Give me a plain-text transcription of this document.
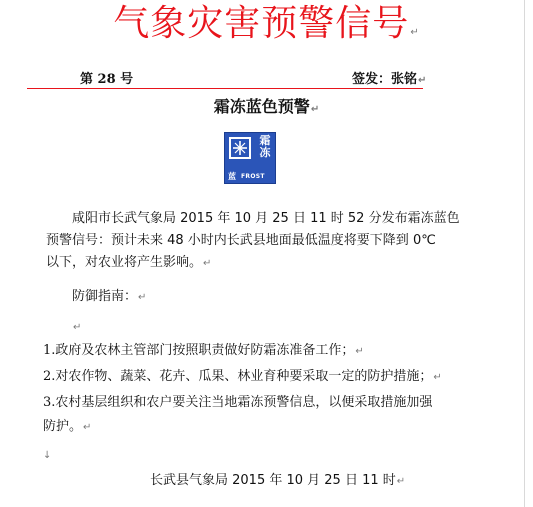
气象灾害预警信号↵
第 28 号	签发：张铭↵
霜冻蓝色预警↵
霜冻
蓝 FROST
咸阳市长武气象局 2015 年 10 月 25 日 11 时 52 分发布霜冻蓝色
预警信号：预计未来 48 小时内长武县地面最低温度将要下降到 0℃
以下，对农业将产生影响。↵
防御指南：↵
↵
1.政府及农林主管部门按照职责做好防霜冻准备工作；↵
2.对农作物、蔬菜、花卉、瓜果、林业育种要采取一定的防护措施；↵
3.农村基层组织和农户要关注当地霜冻预警信息，以便采取措施加强
防护。↵
↓
长武县气象局 2015 年 10 月 25 日 11 时↵
